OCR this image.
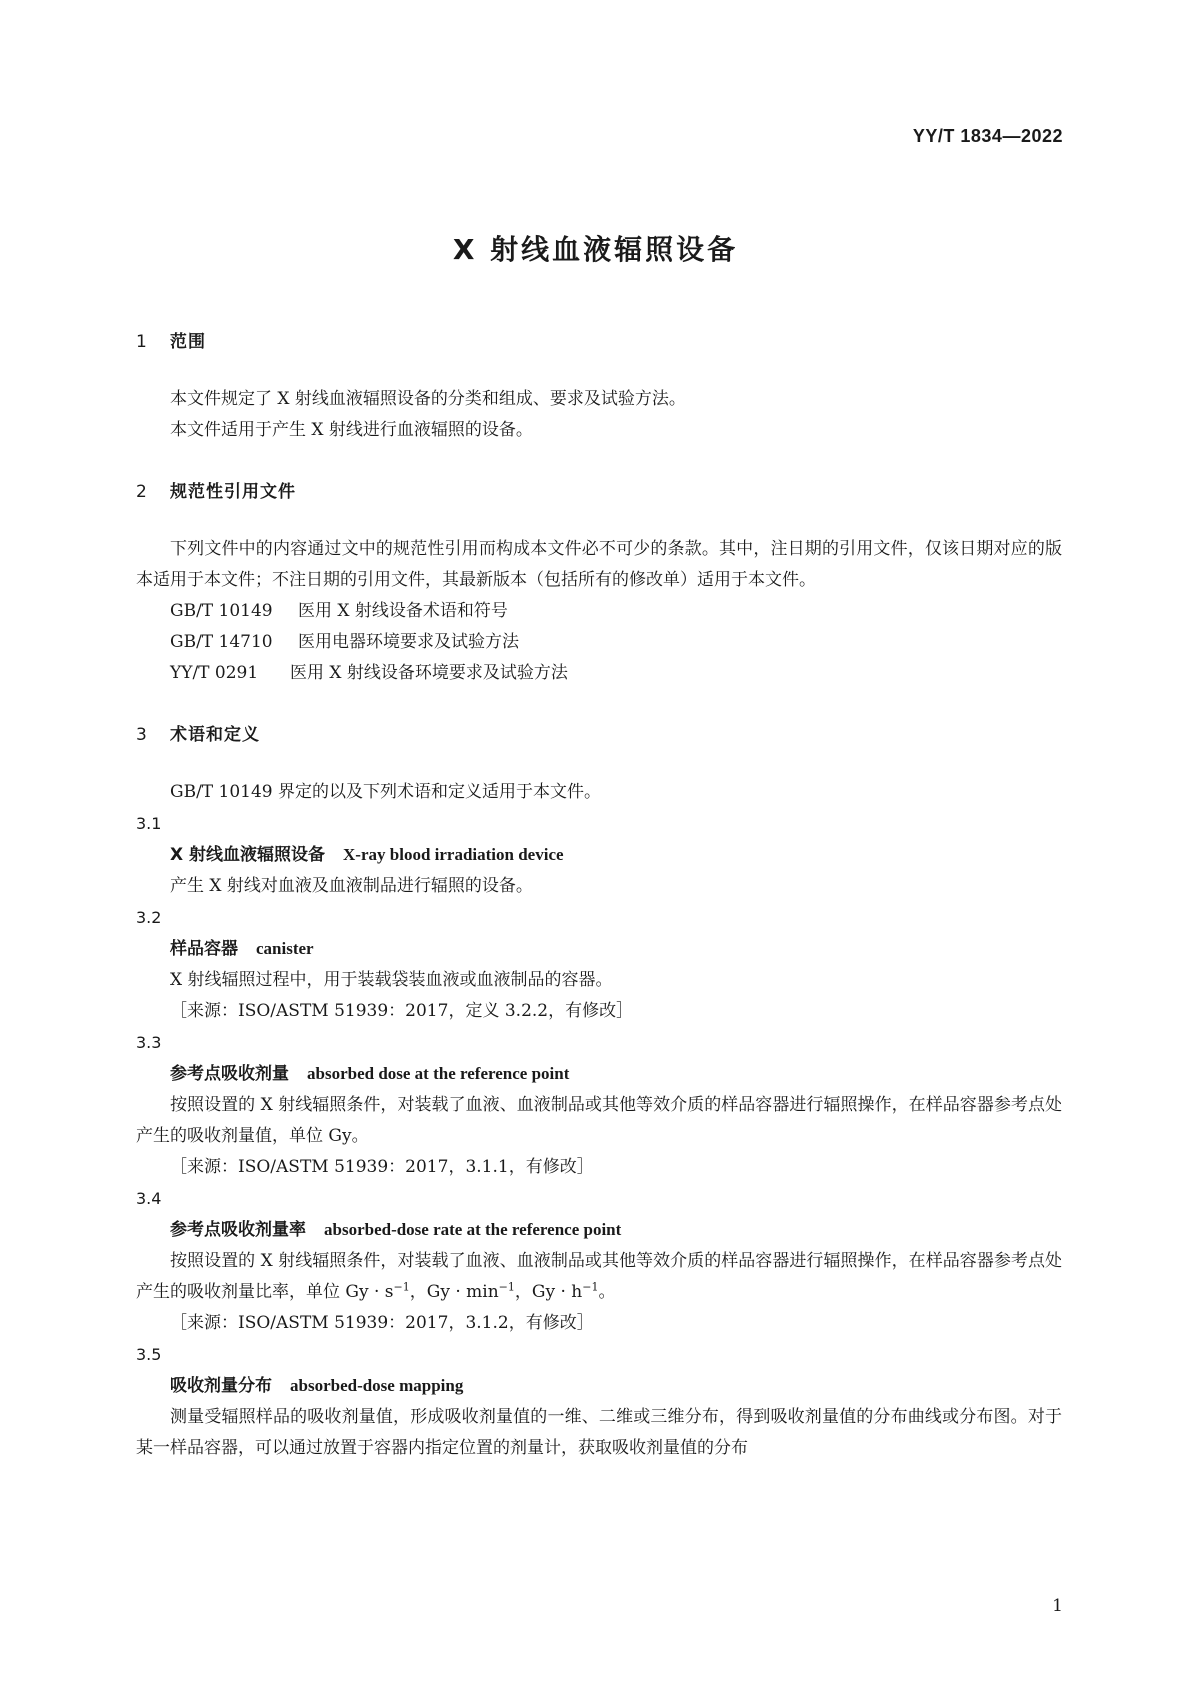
YY/T 1834—2022
X 射线血液辐照设备

1 范围

本文件规定了 X 射线血液辐照设备的分类和组成、要求及试验方法。

本文件适用于产生 X 射线进行血液辐照的设备。

2 规范性引用文件

下列文件中的内容通过文中的规范性引用而构成本文件必不可少的条款。其中，注日期的引用文件，仅该日期对应的版本适用于本文件；不注日期的引用文件，其最新版本（包括所有的修改单）适用于本文件。

GB/T 10149 医用 X 射线设备术语和符号

GB/T 14710 医用电器环境要求及试验方法

YY/T 0291 医用 X 射线设备环境要求及试验方法

3 术语和定义

GB/T 10149 界定的以及下列术语和定义适用于本文件。

3.1

X 射线血液辐照设备 X-ray blood irradiation device

产生 X 射线对血液及血液制品进行辐照的设备。

3.2

样品容器 canister

X 射线辐照过程中，用于装载袋装血液或血液制品的容器。

［来源：ISO/ASTM 51939：2017，定义 3.2.2，有修改］

3.3

参考点吸收剂量 absorbed dose at the reference point

按照设置的 X 射线辐照条件，对装载了血液、血液制品或其他等效介质的样品容器进行辐照操作，在样品容器参考点处产生的吸收剂量值，单位 Gy。

［来源：ISO/ASTM 51939：2017，3.1.1，有修改］

3.4

参考点吸收剂量率 absorbed-dose rate at the reference point

按照设置的 X 射线辐照条件，对装载了血液、血液制品或其他等效介质的样品容器进行辐照操作，在样品容器参考点处产生的吸收剂量比率，单位 $Gy \cdot s^{-1}$，$Gy \cdot \min^{-1}$，$Gy \cdot h^{-1}$。

［来源：ISO/ASTM 51939：2017，3.1.2，有修改］

3.5

吸收剂量分布 absorbed-dose mapping

测量受辐照样品的吸收剂量值，形成吸收剂量值的一维、二维或三维分布，得到吸收剂量值的分布曲线或分布图。对于某一样品容器，可以通过放置于容器内指定位置的剂量计，获取吸收剂量值的分布

1
